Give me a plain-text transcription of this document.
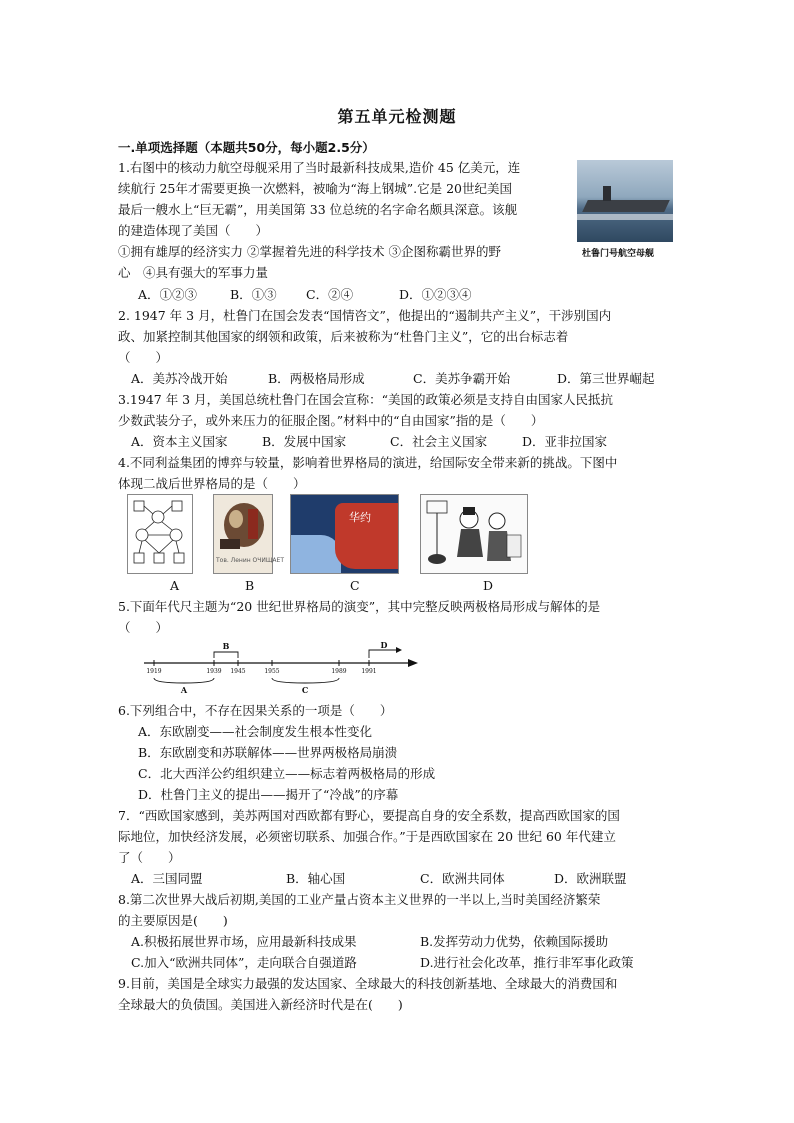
第五单元检测题
一.单项选择题（本题共50分，每小题2.5分）
1.右图中的核动力航空母舰采用了当时最新科技成果,造价 45 亿美元，连
续航行 25年才需要更换一次燃料，被喻为“海上钢城”.它是 20世纪美国
最后一艘水上“巨无霸”，用美国第 33 位总统的名字命名颇具深意。该舰
的建造体现了美国（　　）
①拥有雄厚的经济实力 ②掌握着先进的科学技术 ③企图称霸世界的野
心　④具有强大的军事力量
A．①②③	B．①③ C．②④	D．①②③④
杜鲁门号航空母舰
2. 1947 年 3 月，杜鲁门在国会发表“国情咨文”，他提出的“遏制共产主义”，干涉别国内
政、加紧控制其他国家的纲领和政策，后来被称为“杜鲁门主义”，它的出台标志着
（　　）
A．美苏冷战开始	B．两极格局形成	C．美苏争霸开始	D．第三世界崛起
3.1947 年 3 月，美国总统杜鲁门在国会宣称：“美国的政策必须是支持自由国家人民抵抗
少数武装分子，或外来压力的征服企图。”材料中的“自由国家”指的是（　　）
A．资本主义国家	B．发展中国家	C．社会主义国家	D．亚非拉国家
4.不同利益集团的博弈与较量，影响着世界格局的演进，给国际安全带来新的挑战。下图中
体现二战后世界格局的是（　　）
Тов. Ленин ОЧИЩАЕТ
华约
A	B	C	D
5.下面年代尺主题为“20 世纪世界格局的演变”，其中完整反映两极格局形成与解体的是
（　　）
1919	1939 1945	1955	1989 1991
A
B
C
D
6.下列组合中，不存在因果关系的一项是（　　）
A．东欧剧变——社会制度发生根本性变化
B．东欧剧变和苏联解体——世界两极格局崩溃
C．北大西洋公约组织建立——标志着两极格局的形成
D．杜鲁门主义的提出——揭开了“冷战”的序幕
7．“西欧国家感到，美苏两国对西欧都有野心，要提高自身的安全系数，提高西欧国家的国
际地位，加快经济发展，必须密切联系、加强合作。”于是西欧国家在 20 世纪 60 年代建立
了（　　）
A．三国同盟	B．轴心国	C．欧洲共同体	D．欧洲联盟
8.第二次世界大战后初期,美国的工业产量占资本主义世界的一半以上,当时美国经济繁荣
的主要原因是(　　)
A.积极拓展世界市场，应用最新科技成果	B.发挥劳动力优势，依赖国际援助
C.加入“欧洲共同体”，走向联合自强道路	D.进行社会化改革，推行非军事化政策
9.目前，美国是全球实力最强的发达国家、全球最大的科技创新基地、全球最大的消费国和
全球最大的负债国。美国进入新经济时代是在(　　)
